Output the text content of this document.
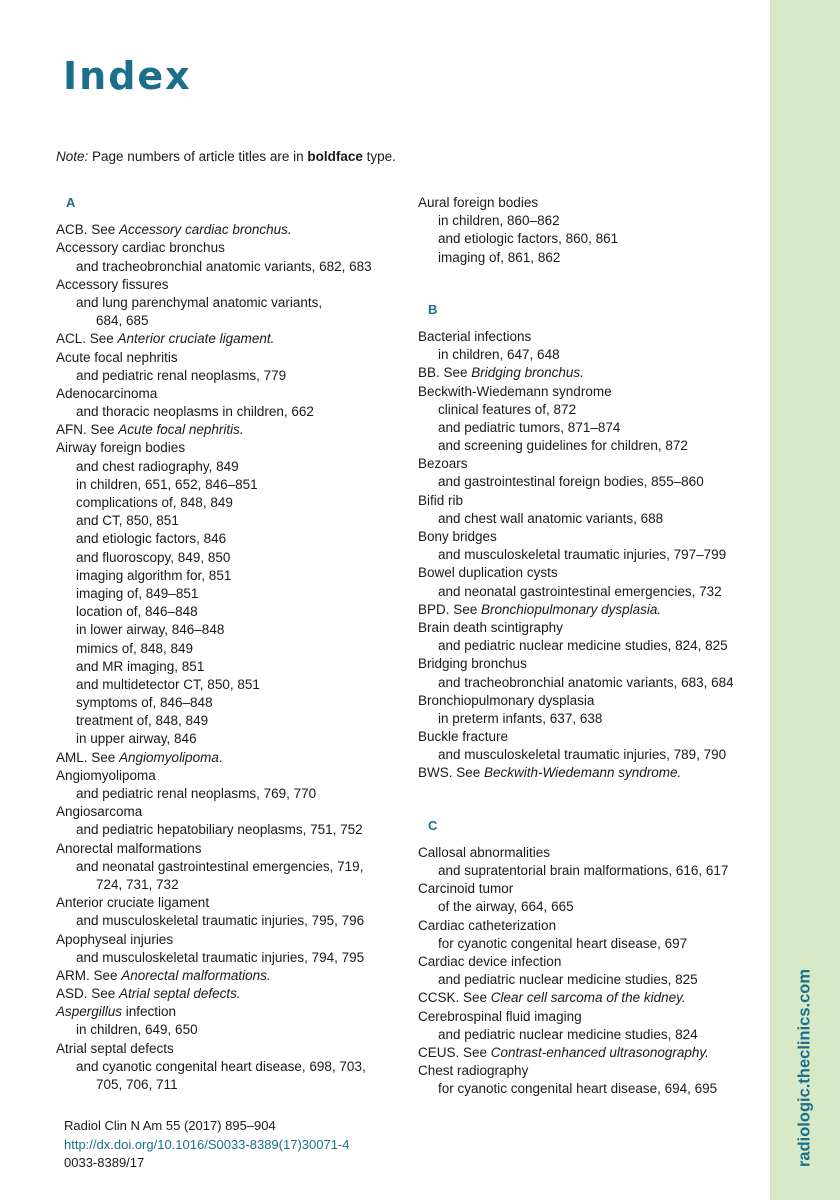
Index
Note: Page numbers of article titles are in boldface type.
A
ACB. See Accessory cardiac bronchus.
Accessory cardiac bronchus
and tracheobronchial anatomic variants, 682, 683
Accessory fissures
and lung parenchymal anatomic variants,
684, 685
ACL. See Anterior cruciate ligament.
Acute focal nephritis
and pediatric renal neoplasms, 779
Adenocarcinoma
and thoracic neoplasms in children, 662
AFN. See Acute focal nephritis.
Airway foreign bodies
and chest radiography, 849
in children, 651, 652, 846–851
complications of, 848, 849
and CT, 850, 851
and etiologic factors, 846
and fluoroscopy, 849, 850
imaging algorithm for, 851
imaging of, 849–851
location of, 846–848
in lower airway, 846–848
mimics of, 848, 849
and MR imaging, 851
and multidetector CT, 850, 851
symptoms of, 846–848
treatment of, 848, 849
in upper airway, 846
AML. See Angiomyolipoma.
Angiomyolipoma
and pediatric renal neoplasms, 769, 770
Angiosarcoma
and pediatric hepatobiliary neoplasms, 751, 752
Anorectal malformations
and neonatal gastrointestinal emergencies, 719,
724, 731, 732
Anterior cruciate ligament
and musculoskeletal traumatic injuries, 795, 796
Apophyseal injuries
and musculoskeletal traumatic injuries, 794, 795
ARM. See Anorectal malformations.
ASD. See Atrial septal defects.
Aspergillus infection
in children, 649, 650
Atrial septal defects
and cyanotic congenital heart disease, 698, 703,
705, 706, 711
Aural foreign bodies
in children, 860–862
and etiologic factors, 860, 861
imaging of, 861, 862
B
Bacterial infections
in children, 647, 648
BB. See Bridging bronchus.
Beckwith-Wiedemann syndrome
clinical features of, 872
and pediatric tumors, 871–874
and screening guidelines for children, 872
Bezoars
and gastrointestinal foreign bodies, 855–860
Bifid rib
and chest wall anatomic variants, 688
Bony bridges
and musculoskeletal traumatic injuries, 797–799
Bowel duplication cysts
and neonatal gastrointestinal emergencies, 732
BPD. See Bronchiopulmonary dysplasia.
Brain death scintigraphy
and pediatric nuclear medicine studies, 824, 825
Bridging bronchus
and tracheobronchial anatomic variants, 683, 684
Bronchiopulmonary dysplasia
in preterm infants, 637, 638
Buckle fracture
and musculoskeletal traumatic injuries, 789, 790
BWS. See Beckwith-Wiedemann syndrome.
C
Callosal abnormalities
and supratentorial brain malformations, 616, 617
Carcinoid tumor
of the airway, 664, 665
Cardiac catheterization
for cyanotic congenital heart disease, 697
Cardiac device infection
and pediatric nuclear medicine studies, 825
CCSK. See Clear cell sarcoma of the kidney.
Cerebrospinal fluid imaging
and pediatric nuclear medicine studies, 824
CEUS. See Contrast-enhanced ultrasonography.
Chest radiography
for cyanotic congenital heart disease, 694, 695
Radiol Clin N Am 55 (2017) 895–904
http://dx.doi.org/10.1016/S0033-8389(17)30071-4
0033-8389/17	radiologic.theclinics.com
